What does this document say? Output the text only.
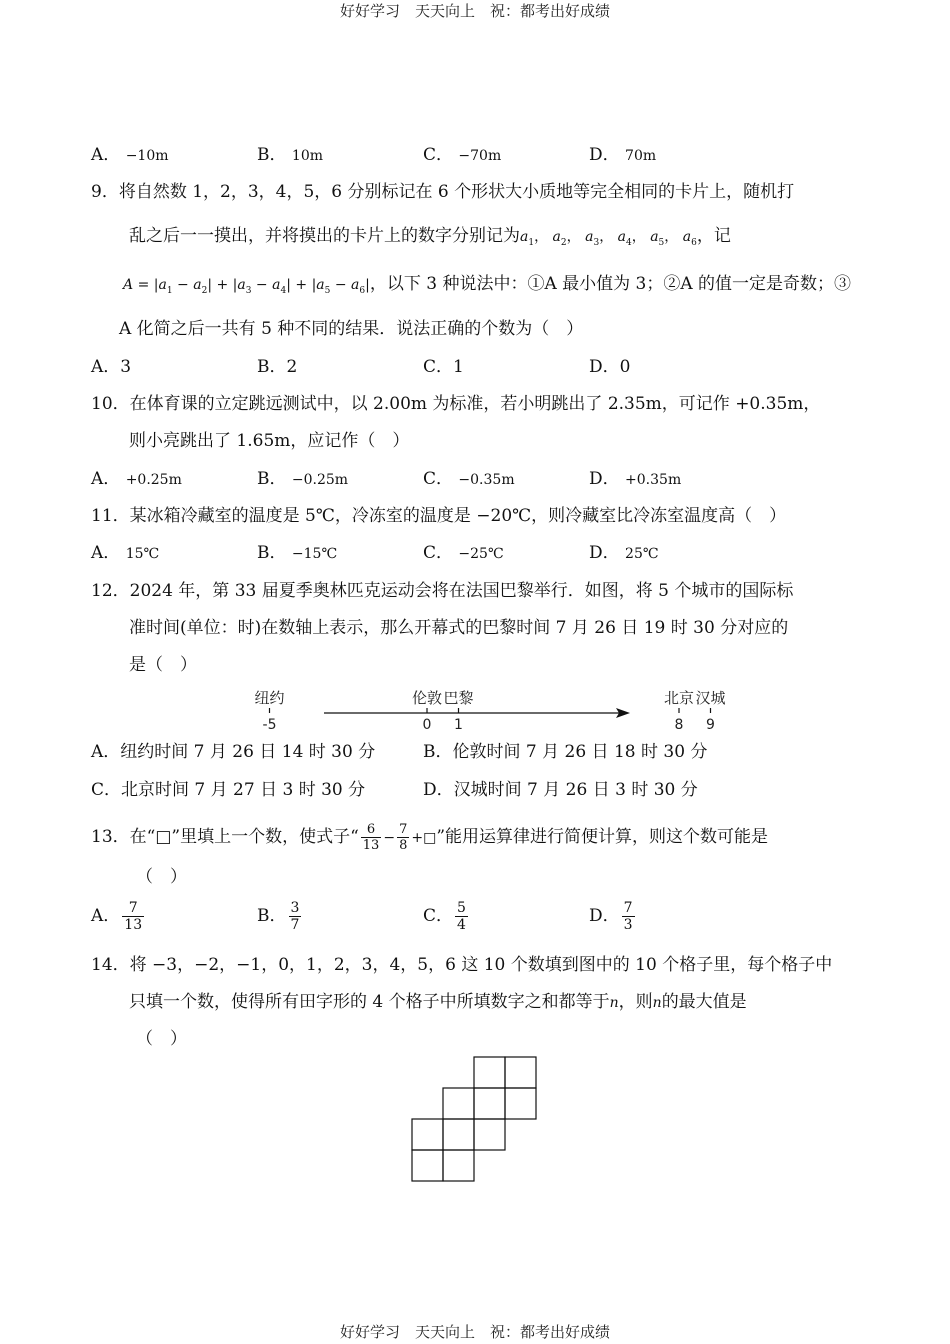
好好学习　天天向上　祝：都考出好成绩
好好学习　天天向上　祝：都考出好成绩
A． −10m	B． 10m	C． −70m	D． 70m
9．将自然数 1，2，3，4，5，6 分别标记在 6 个形状大小质地等完全相同的卡片上，随机打
乱之后一一摸出，并将摸出的卡片上的数字分别记为$a_1$， $a_2$， $a_3$， $a_4$， $a_5$， $a_6$，记
$A = |a_1 - a_2| + |a_3 - a_4| + |a_5 - a_6|$，以下 3 种说法中：①A 最小值为 3；②A 的值一定是奇数；③
A 化简之后一共有 5 种不同的结果．说法正确的个数为（　）
A．3	B．2	C．1	D．0
10．在体育课的立定跳远测试中，以 2.00m 为标准，若小明跳出了 2.35m，可记作 +0.35m，
则小亮跳出了 1.65m，应记作（　）
A． +0.25m	B． −0.25m	C． −0.35m	D． +0.35m
11．某冰箱冷藏室的温度是 5℃，冷冻室的温度是 −20℃，则冷藏室比冷冻室温度高（　）
A． 15℃	B． −15℃	C． −25℃	D． 25℃
12．2024 年，第 33 届夏季奥林匹克运动会将在法国巴黎举行．如图，将 5 个城市的国际标
准时间(单位：时)在数轴上表示，那么开幕式的巴黎时间 7 月 26 日 19 时 30 分对应的
是（　）
纽约
-5
伦敦
0
巴黎
1
北京
8
汉城
9
A．纽约时间 7 月 26 日 14 时 30 分	B．伦敦时间 7 月 26 日 18 时 30 分
C．北京时间 7 月 27 日 3 时 30 分	D．汉城时间 7 月 26 日 3 时 30 分
13．在“□”里填上一个数，使式子“ $\frac{6}{13} - \frac{7}{8}$ +□”能用运算律进行简便计算，则这个数可能是
（　）
A． $\frac{7}{13}$	B． $\frac{3}{7}$	C． $\frac{5}{4}$	D． $\frac{7}{3}$
14．将 −3，−2，−1，0，1，2，3，4，5，6 这 10 个数填到图中的 10 个格子里，每个格子中
只填一个数，使得所有田字形的 4 个格子中所填数字之和都等于n，则n的最大值是
（　）
